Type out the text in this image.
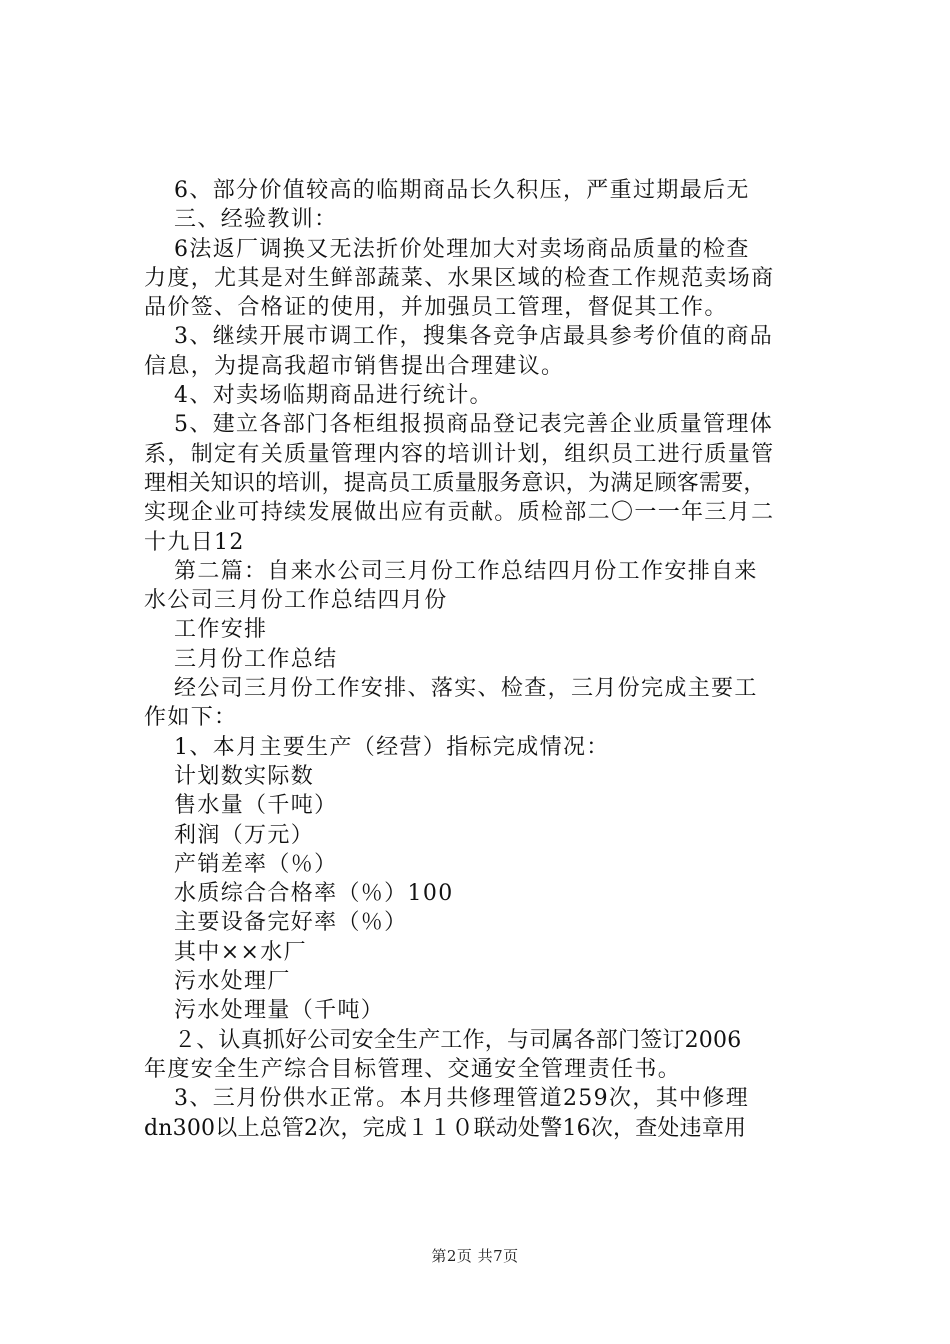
6、部分价值较高的临期商品长久积压，严重过期最后无
三、经验教训：
6法返厂调换又无法折价处理加大对卖场商品质量的检查
力度，尤其是对生鲜部蔬菜、水果区域的检查工作规范卖场商
品价签、合格证的使用，并加强员工管理，督促其工作。
3、继续开展市调工作，搜集各竞争店最具参考价值的商品
信息，为提高我超市销售提出合理建议。
4、对卖场临期商品进行统计。
5、建立各部门各柜组报损商品登记表完善企业质量管理体
系，制定有关质量管理内容的培训计划，组织员工进行质量管
理相关知识的培训，提高员工质量服务意识，为满足顾客需要，
实现企业可持续发展做出应有贡献。质检部二〇一一年三月二
十九日12
第二篇：自来水公司三月份工作总结四月份工作安排自来
水公司三月份工作总结四月份
工作安排
三月份工作总结
经公司三月份工作安排、落实、检查，三月份完成主要工
作如下：
1、本月主要生产（经营）指标完成情况：
计划数实际数
售水量（千吨）
利润（万元）
产销差率（％）
水质综合合格率（％）100
主要设备完好率（％）
其中××水厂
污水处理厂
污水处理量（千吨）
２、认真抓好公司安全生产工作，与司属各部门签订2006
年度安全生产综合目标管理、交通安全管理责任书。
3、三月份供水正常。本月共修理管道259次，其中修理
dn300以上总管2次，完成１１０联动处警16次，查处违章用
第2页 共7页
